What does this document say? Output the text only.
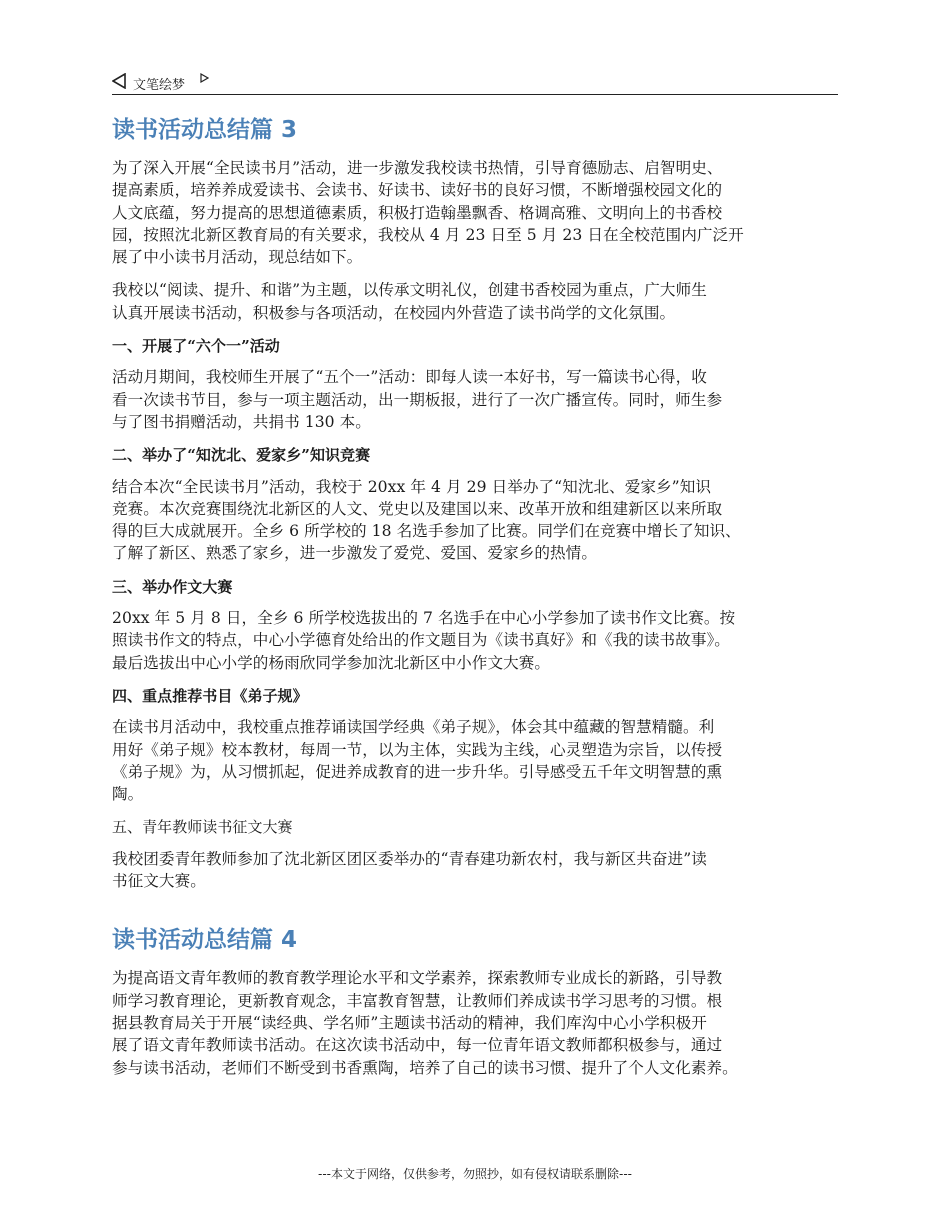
文笔绘梦
读书活动总结篇 3

为了深入开展“全民读书月”活动，进一步激发我校读书热情，引导育德励志、启智明史、
提高素质，培养养成爱读书、会读书、好读书、读好书的良好习惯，不断增强校园文化的
人文底蕴，努力提高的思想道德素质，积极打造翰墨飘香、格调高雅、文明向上的书香校
园，按照沈北新区教育局的有关要求，我校从 4 月 23 日至 5 月 23 日在全校范围内广泛开
展了中小读书月活动，现总结如下。

我校以“阅读、提升、和谐”为主题，以传承文明礼仪，创建书香校园为重点，广大师生
认真开展读书活动，积极参与各项活动，在校园内外营造了读书尚学的文化氛围。

一、开展了“六个一”活动

活动月期间，我校师生开展了“五个一”活动：即每人读一本好书，写一篇读书心得，收
看一次读书节目，参与一项主题活动，出一期板报，进行了一次广播宣传。同时，师生参
与了图书捐赠活动，共捐书 130 本。

二、举办了“知沈北、爱家乡”知识竞赛

结合本次“全民读书月”活动，我校于 20xx 年 4 月 29 日举办了“知沈北、爱家乡”知识
竞赛。本次竞赛围绕沈北新区的人文、党史以及建国以来、改革开放和组建新区以来所取
得的巨大成就展开。全乡 6 所学校的 18 名选手参加了比赛。同学们在竞赛中增长了知识、
了解了新区、熟悉了家乡，进一步激发了爱党、爱国、爱家乡的热情。

三、举办作文大赛

20xx 年 5 月 8 日，全乡 6 所学校选拔出的 7 名选手在中心小学参加了读书作文比赛。按
照读书作文的特点，中心小学德育处给出的作文题目为《读书真好》和《我的读书故事》。
最后选拔出中心小学的杨雨欣同学参加沈北新区中小作文大赛。

四、重点推荐书目《弟子规》

在读书月活动中，我校重点推荐诵读国学经典《弟子规》，体会其中蕴藏的智慧精髓。利
用好《弟子规》校本教材，每周一节，以为主体，实践为主线，心灵塑造为宗旨，以传授
《弟子规》为，从习惯抓起，促进养成教育的进一步升华。引导感受五千年文明智慧的熏
陶。

五、青年教师读书征文大赛

我校团委青年教师参加了沈北新区团区委举办的“青春建功新农村，我与新区共奋进”读
书征文大赛。

读书活动总结篇 4

为提高语文青年教师的教育教学理论水平和文学素养，探索教师专业成长的新路，引导教
师学习教育理论，更新教育观念，丰富教育智慧，让教师们养成读书学习思考的习惯。根
据县教育局关于开展“读经典、学名师”主题读书活动的精神，我们库沟中心小学积极开
展了语文青年教师读书活动。在这次读书活动中，每一位青年语文教师都积极参与，通过
参与读书活动，老师们不断受到书香熏陶，培养了自己的读书习惯、提升了个人文化素养。

---本文于网络，仅供参考，勿照抄，如有侵权请联系删除---
